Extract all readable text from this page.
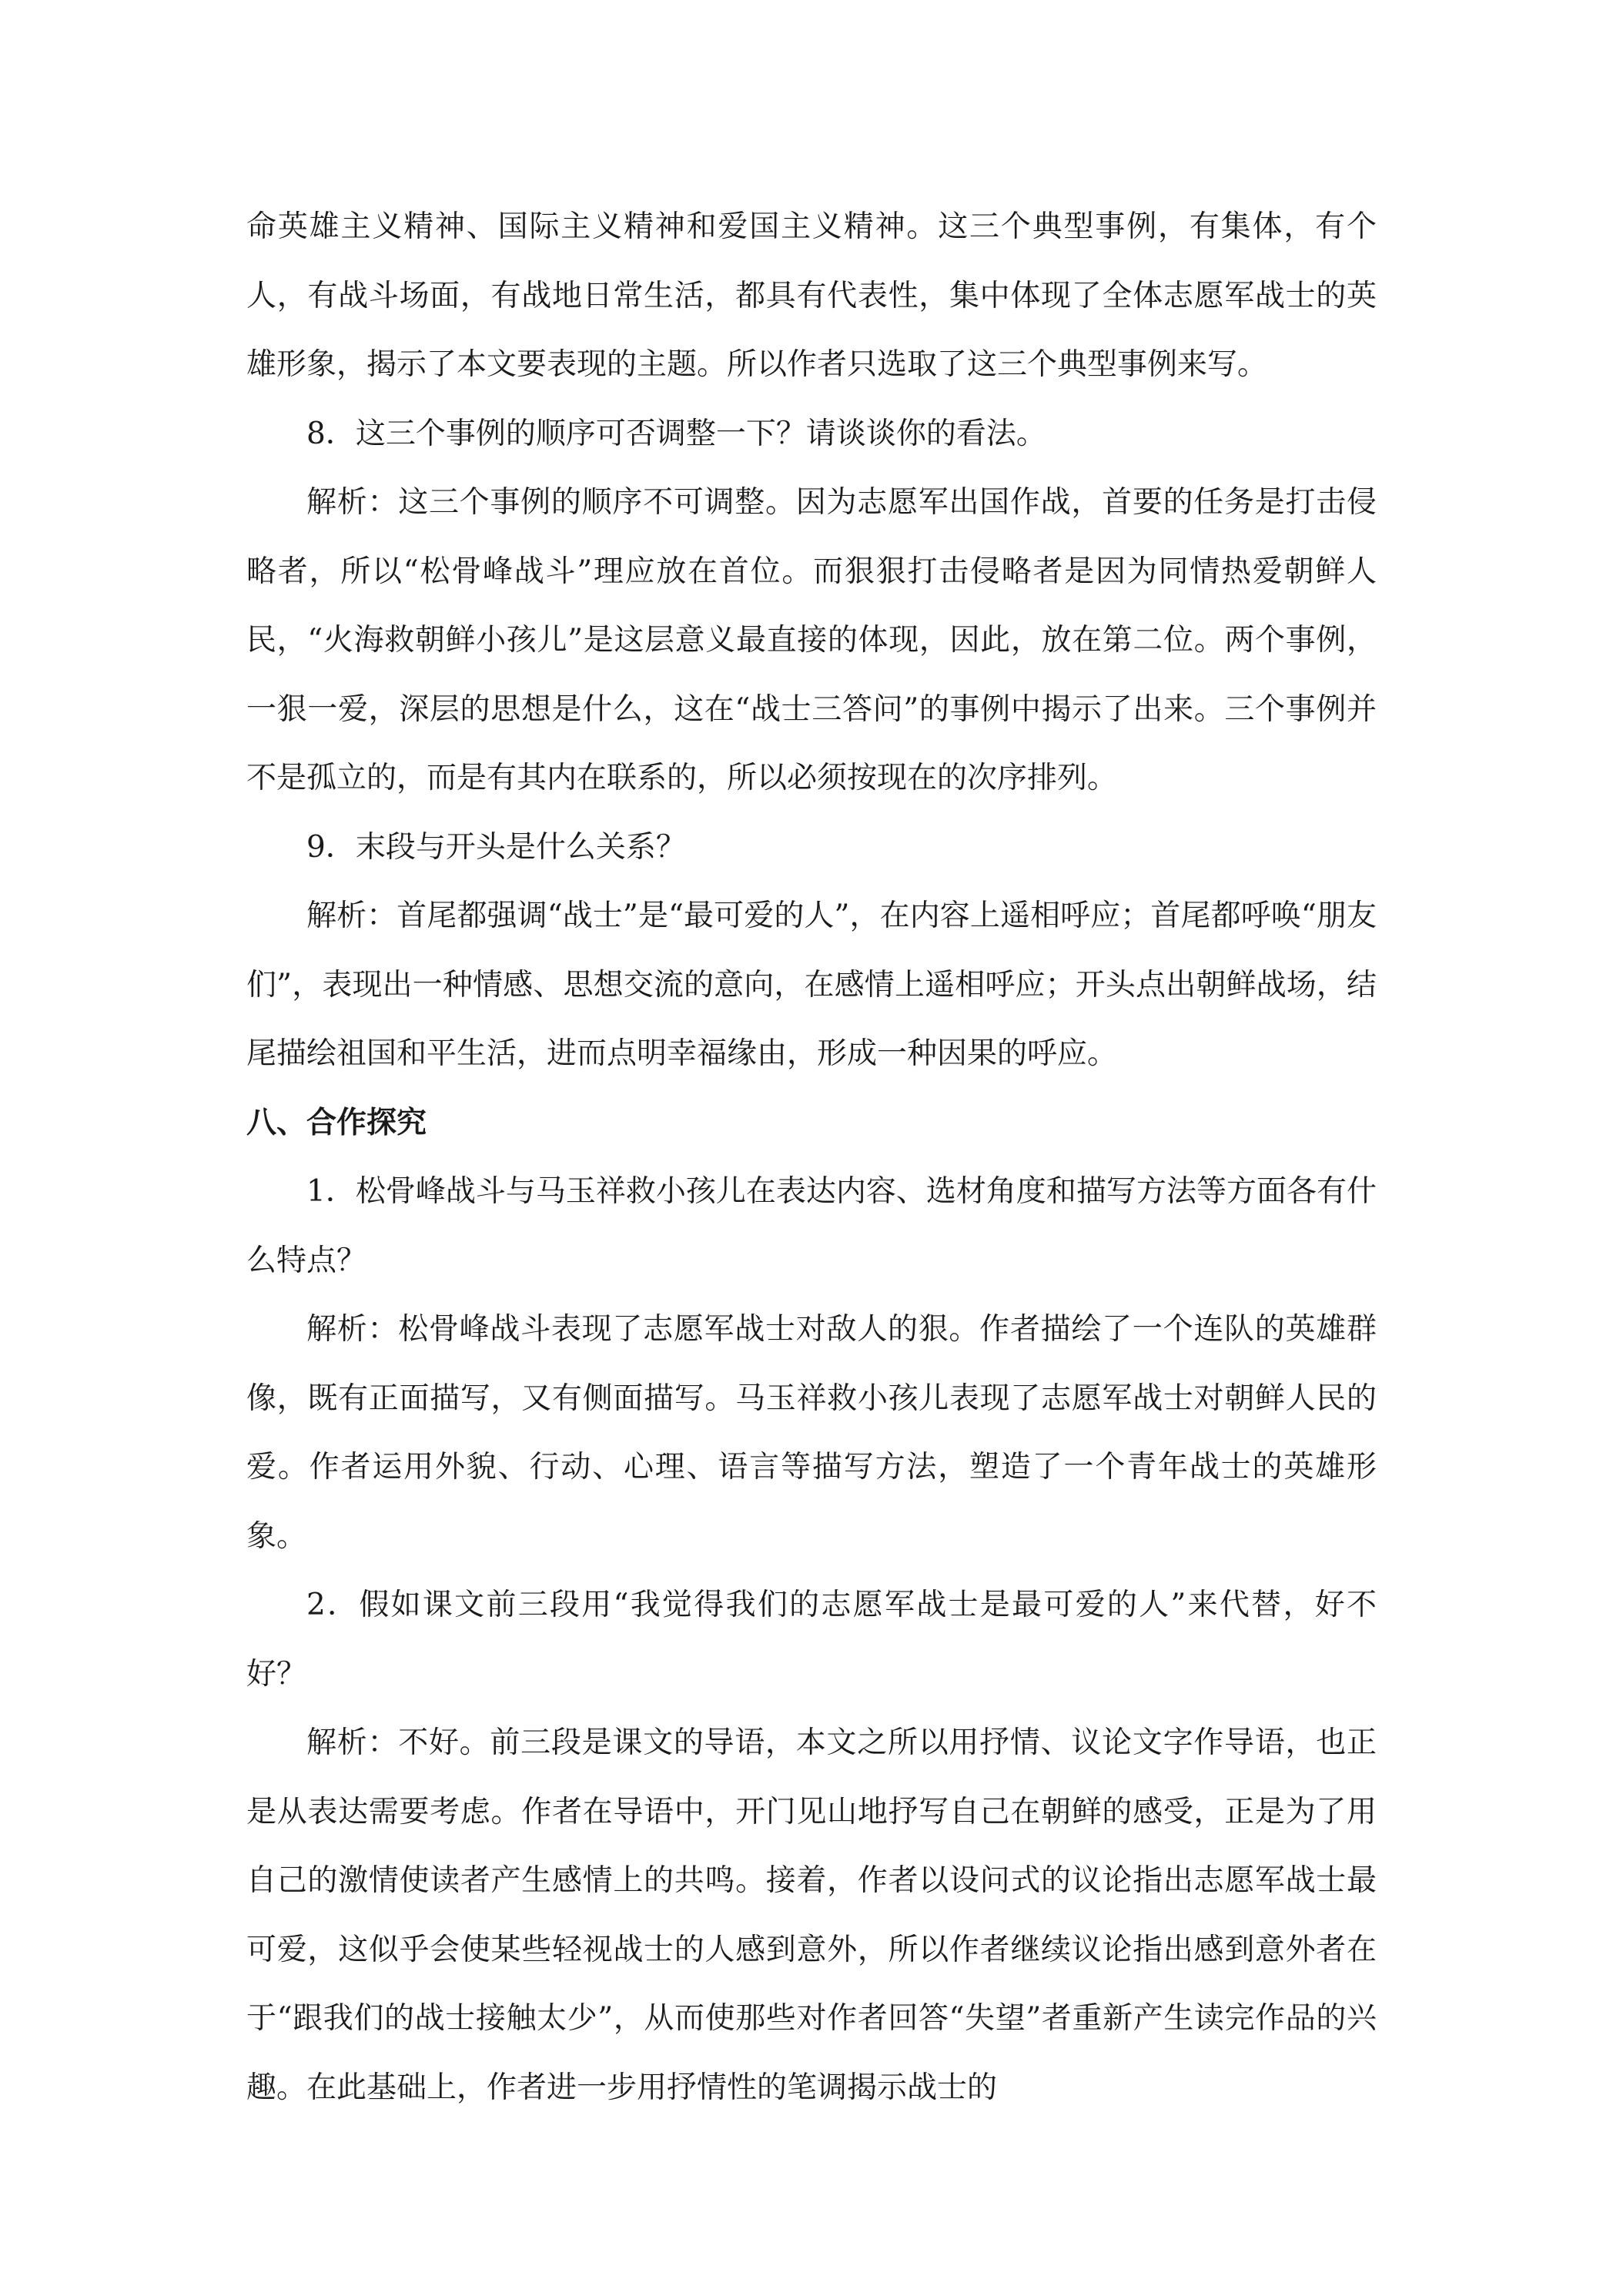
命英雄主义精神、国际主义精神和爱国主义精神。这三个典型事例，有集体，有个人，有战斗场面，有战地日常生活，都具有代表性，集中体现了全体志愿军战士的英雄形象，揭示了本文要表现的主题。所以作者只选取了这三个典型事例来写。

8．这三个事例的顺序可否调整一下？请谈谈你的看法。

解析：这三个事例的顺序不可调整。因为志愿军出国作战，首要的任务是打击侵略者，所以“松骨峰战斗”理应放在首位。而狠狠打击侵略者是因为同情热爱朝鲜人民，“火海救朝鲜小孩儿”是这层意义最直接的体现，因此，放在第二位。两个事例，一狠一爱，深层的思想是什么，这在“战士三答问”的事例中揭示了出来。三个事例并不是孤立的，而是有其内在联系的，所以必须按现在的次序排列。

9．末段与开头是什么关系？

解析：首尾都强调“战士”是“最可爱的人”，在内容上遥相呼应；首尾都呼唤“朋友们”，表现出一种情感、思想交流的意向，在感情上遥相呼应；开头点出朝鲜战场，结尾描绘祖国和平生活，进而点明幸福缘由，形成一种因果的呼应。

八、合作探究

1．松骨峰战斗与马玉祥救小孩儿在表达内容、选材角度和描写方法等方面各有什么特点？

解析：松骨峰战斗表现了志愿军战士对敌人的狠。作者描绘了一个连队的英雄群像，既有正面描写，又有侧面描写。马玉祥救小孩儿表现了志愿军战士对朝鲜人民的爱。作者运用外貌、行动、心理、语言等描写方法，塑造了一个青年战士的英雄形象。

2．假如课文前三段用“我觉得我们的志愿军战士是最可爱的人”来代替，好不好？

解析：不好。前三段是课文的导语，本文之所以用抒情、议论文字作导语，也正是从表达需要考虑。作者在导语中，开门见山地抒写自己在朝鲜的感受，正是为了用自己的激情使读者产生感情上的共鸣。接着，作者以设问式的议论指出志愿军战士最可爱，这似乎会使某些轻视战士的人感到意外，所以作者继续议论指出感到意外者在于“跟我们的战士接触太少”，从而使那些对作者回答“失望”者重新产生读完作品的兴趣。在此基础上，作者进一步用抒情性的笔调揭示战士的
